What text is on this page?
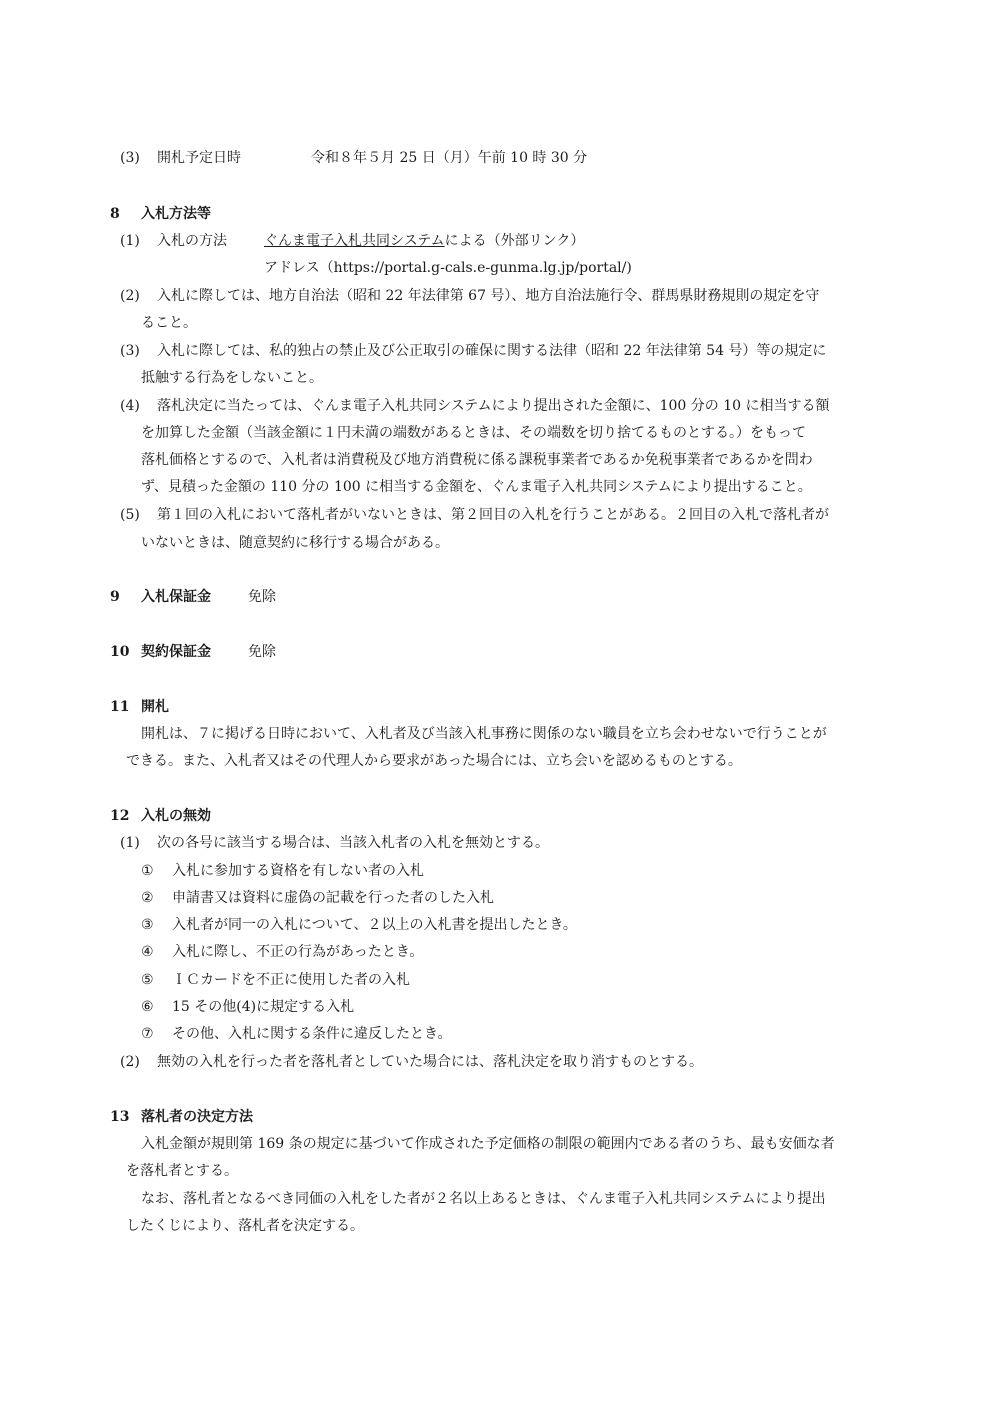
(3) 開札予定日時	令和８年５月 25 日（月）午前 10 時 30 分
8 入札方法等
(1) 入札の方法	ぐんま電子入札共同システムによる（外部リンク）
アドレス（https://portal.g-cals.e-gunma.lg.jp/portal/)
(2) 入札に際しては、地方自治法（昭和 22 年法律第 67 号）、地方自治法施行令、群馬県財務規則の規定を守
ること。
(3) 入札に際しては、私的独占の禁止及び公正取引の確保に関する法律（昭和 22 年法律第 54 号）等の規定に
抵触する行為をしないこと。
(4) 落札決定に当たっては、ぐんま電子入札共同システムにより提出された金額に、100 分の 10 に相当する額
を加算した金額（当該金額に１円未満の端数があるときは、その端数を切り捨てるものとする。）をもって
落札価格とするので、入札者は消費税及び地方消費税に係る課税事業者であるか免税事業者であるかを問わ
ず、見積った金額の 110 分の 100 に相当する金額を、ぐんま電子入札共同システムにより提出すること。
(5) 第１回の入札において落札者がいないときは、第２回目の入札を行うことがある。２回目の入札で落札者が
いないときは、随意契約に移行する場合がある。
9 入札保証金	免除
10 契約保証金	免除
11 開札
開札は、７に掲げる日時において、入札者及び当該入札事務に関係のない職員を立ち会わせないで行うことが
できる。また、入札者又はその代理人から要求があった場合には、立ち会いを認めるものとする。
12 入札の無効
(1) 次の各号に該当する場合は、当該入札者の入札を無効とする。
① 入札に参加する資格を有しない者の入札
② 申請書又は資料に虚偽の記載を行った者のした入札
③ 入札者が同一の入札について、２以上の入札書を提出したとき。
④ 入札に際し、不正の行為があったとき。
⑤ ＩＣカードを不正に使用した者の入札
⑥ 15 その他(4)に規定する入札
⑦ その他、入札に関する条件に違反したとき。
(2) 無効の入札を行った者を落札者としていた場合には、落札決定を取り消すものとする。
13 落札者の決定方法
入札金額が規則第 169 条の規定に基づいて作成された予定価格の制限の範囲内である者のうち、最も安価な者
を落札者とする。
なお、落札者となるべき同価の入札をした者が２名以上あるときは、ぐんま電子入札共同システムにより提出
したくじにより、落札者を決定する。
